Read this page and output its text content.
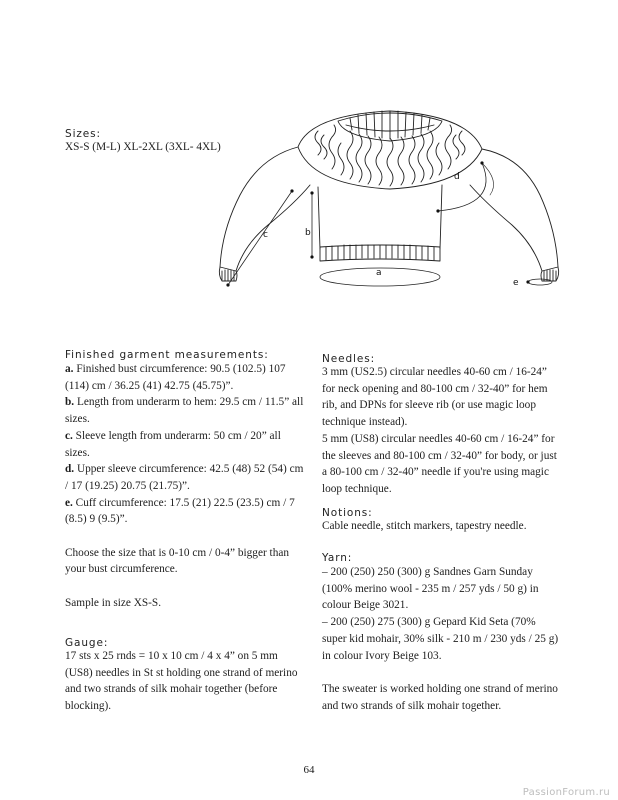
Sizes:
XS-S (M-L) XL-2XL (3XL- 4XL)
c	b
a
d
e
Finished garment measurements:

a. Finished bust circumference: 90.5 (102.5) 107 (114) cm / 36.25 (41) 42.75 (45.75)”.

b. Length from underarm to hem: 29.5 cm / 11.5” all sizes.

c. Sleeve length from underarm: 50 cm / 20” all sizes.

d. Upper sleeve circumference: 42.5 (48) 52 (54) cm / 17 (19.25) 20.75 (21.75)”.

e. Cuff circumference: 17.5 (21) 22.5 (23.5) cm / 7 (8.5) 9 (9.5)”.

Choose the size that is 0-10 cm / 0-4” bigger than your bust circumference.

Sample in size XS-S.

Gauge:
17 sts x 25 rnds = 10 x 10 cm / 4 x 4” on 5 mm (US8) needles in St st holding one strand of merino and two strands of silk mohair together (before blocking).
Needles:

3 mm (US2.5) circular needles 40-60 cm / 16-24” for neck opening and 80-100 cm / 32-40” for hem rib, and DPNs for sleeve rib (or use magic loop technique instead).

5 mm (US8) circular needles 40-60 cm / 16-24” for the sleeves and 80-100 cm / 32-40” for body, or just a 80-100 cm / 32-40” needle if you're using magic loop technique.

Notions:
Cable needle, stitch markers, tapestry needle.
Yarn:

– 200 (250) 250 (300) g Sandnes Garn Sunday (100% merino wool - 235 m / 257 yds / 50 g) in colour Beige 3021.

– 200 (250) 275 (300) g Gepard Kid Seta (70% super kid mohair, 30% silk - 210 m / 230 yds / 25 g) in colour Ivory Beige 103.

The sweater is worked holding one strand of merino and two strands of silk mohair together.

64
PassionForum.ru
